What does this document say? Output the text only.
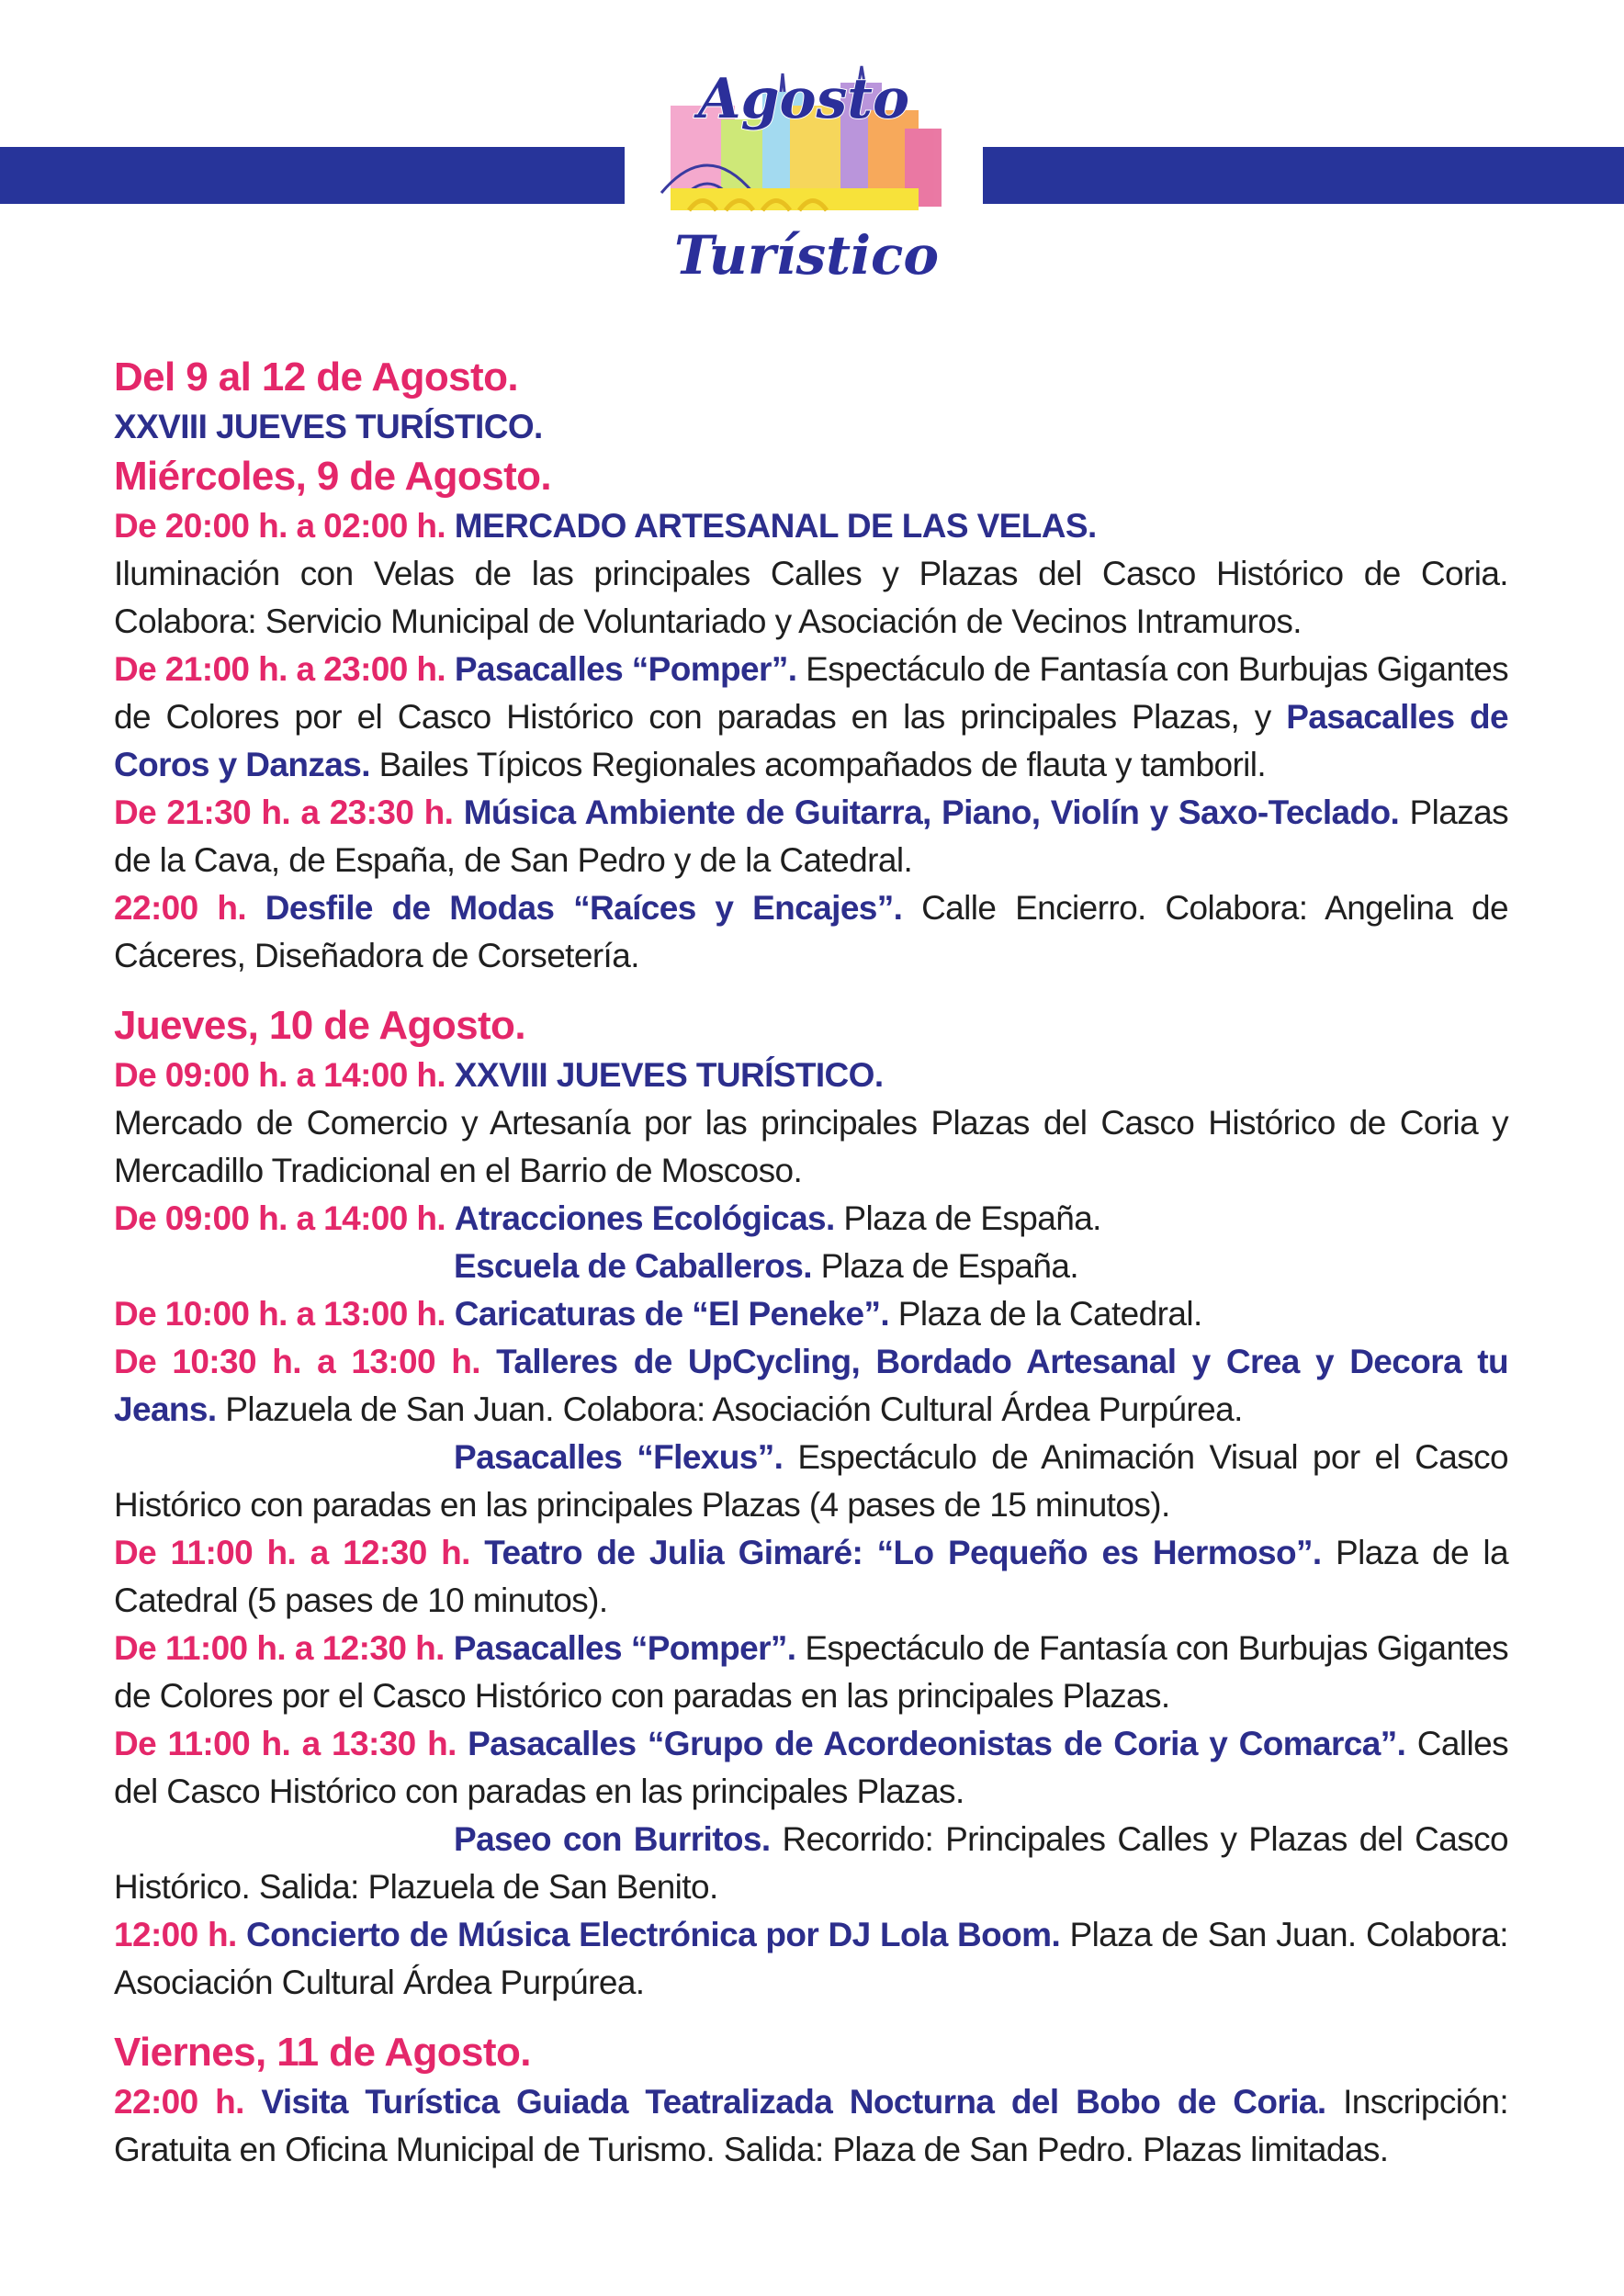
Agosto
Turístico

Del 9 al 12 de Agosto.

XXVIII JUEVES TURÍSTICO.

Miércoles, 9 de Agosto.

De 20:00 h. a 02:00 h. MERCADO ARTESANAL DE LAS VELAS.

Iluminación con Velas de las principales Calles y Plazas del Casco Histórico de Coria.

Colabora: Servicio Municipal de Voluntariado y Asociación de Vecinos Intramuros.

De 21:00 h. a 23:00 h. Pasacalles “Pomper”. Espectáculo de Fantasía con Burbujas Gigantes de Colores por el Casco Histórico con paradas en las principales Plazas, y Pasacalles de Coros y Danzas. Bailes Típicos Regionales acompañados de flauta y tamboril.

De 21:30 h. a 23:30 h. Música Ambiente de Guitarra, Piano, Violín y Saxo-Teclado. Plazas de la Cava, de España, de San Pedro y de la Catedral.

22:00 h. Desfile de Modas “Raíces y Encajes”. Calle Encierro. Colabora: Angelina de Cáceres, Diseñadora de Corsetería.

Jueves, 10 de Agosto.

De 09:00 h. a 14:00 h. XXVIII JUEVES TURÍSTICO.

Mercado de Comercio y Artesanía por las principales Plazas del Casco Histórico de Coria y Mercadillo Tradicional en el Barrio de Moscoso.

De 09:00 h. a 14:00 h. Atracciones Ecológicas. Plaza de España.

Escuela de Caballeros. Plaza de España.

De 10:00 h. a 13:00 h. Caricaturas de “El Peneke”. Plaza de la Catedral.

De 10:30 h. a 13:00 h. Talleres de UpCycling, Bordado Artesanal y Crea y Decora tu Jeans. Plazuela de San Juan. Colabora: Asociación Cultural Árdea Purpúrea.

Pasacalles “Flexus”. Espectáculo de Animación Visual por el Casco Histórico con paradas en las principales Plazas (4 pases de 15 minutos).

De 11:00 h. a 12:30 h. Teatro de Julia Gimaré: “Lo Pequeño es Hermoso”. Plaza de la Catedral (5 pases de 10 minutos).

De 11:00 h. a 12:30 h. Pasacalles “Pomper”. Espectáculo de Fantasía con Burbujas Gigantes de Colores por el Casco Histórico con paradas en las principales Plazas.

De 11:00 h. a 13:30 h. Pasacalles “Grupo de Acordeonistas de Coria y Comarca”. Calles del Casco Histórico con paradas en las principales Plazas.

Paseo con Burritos. Recorrido: Principales Calles y Plazas del Casco Histórico. Salida: Plazuela de San Benito.

12:00 h. Concierto de Música Electrónica por DJ Lola Boom. Plaza de San Juan. Colabora: Asociación Cultural Árdea Purpúrea.

Viernes, 11 de Agosto.

22:00 h. Visita Turística Guiada Teatralizada Nocturna del Bobo de Coria. Inscripción: Gratuita en Oficina Municipal de Turismo. Salida: Plaza de San Pedro. Plazas limitadas.
